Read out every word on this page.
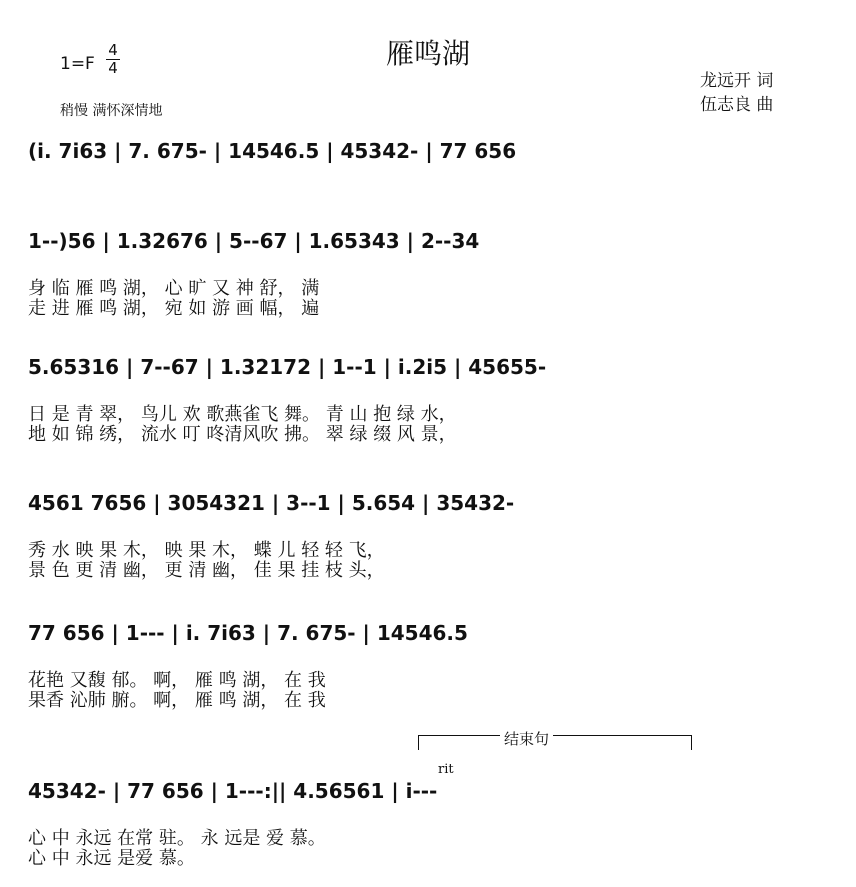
雁鸣湖
1=F
4
4
稍慢 满怀深情地
龙远开 词
伍志良 曲
(i. 7i63 | 7. 675- | 14546.5 | 45342- | 77 656
1--)56 | 1.32676 | 5--67 | 1.65343 | 2--34
身 临 雁 鸣 湖， 心 旷 又 神 舒， 满
走 进 雁 鸣 湖， 宛 如 游 画 幅， 遍
5.65316 | 7--67 | 1.32172 | 1--1 | i.2i5 | 45655-
日 是 青 翠， 鸟儿 欢 歌燕雀飞 舞。 青 山 抱 绿 水，
地 如 锦 绣， 流水 叮 咚清风吹 拂。 翠 绿 缀 风 景，
4561 7656 | 3054321 | 3--1 | 5.654 | 35432-
秀 水 映 果 木， 映 果 木， 蝶 儿 轻 轻 飞，
景 色 更 清 幽， 更 清 幽， 佳 果 挂 枝 头，
77 656 | 1--- | i. 7i63 | 7. 675- | 14546.5
花艳 又馥 郁。 啊， 雁 鸣 湖， 在 我
果香 沁肺 腑。 啊， 雁 鸣 湖， 在 我
结束句
rit
45342- | 77 656 | 1---:|| 4.56561 | i---
心 中 永远 在常 驻。 永 远是 爱 慕。
心 中 永远 是爱 慕。
